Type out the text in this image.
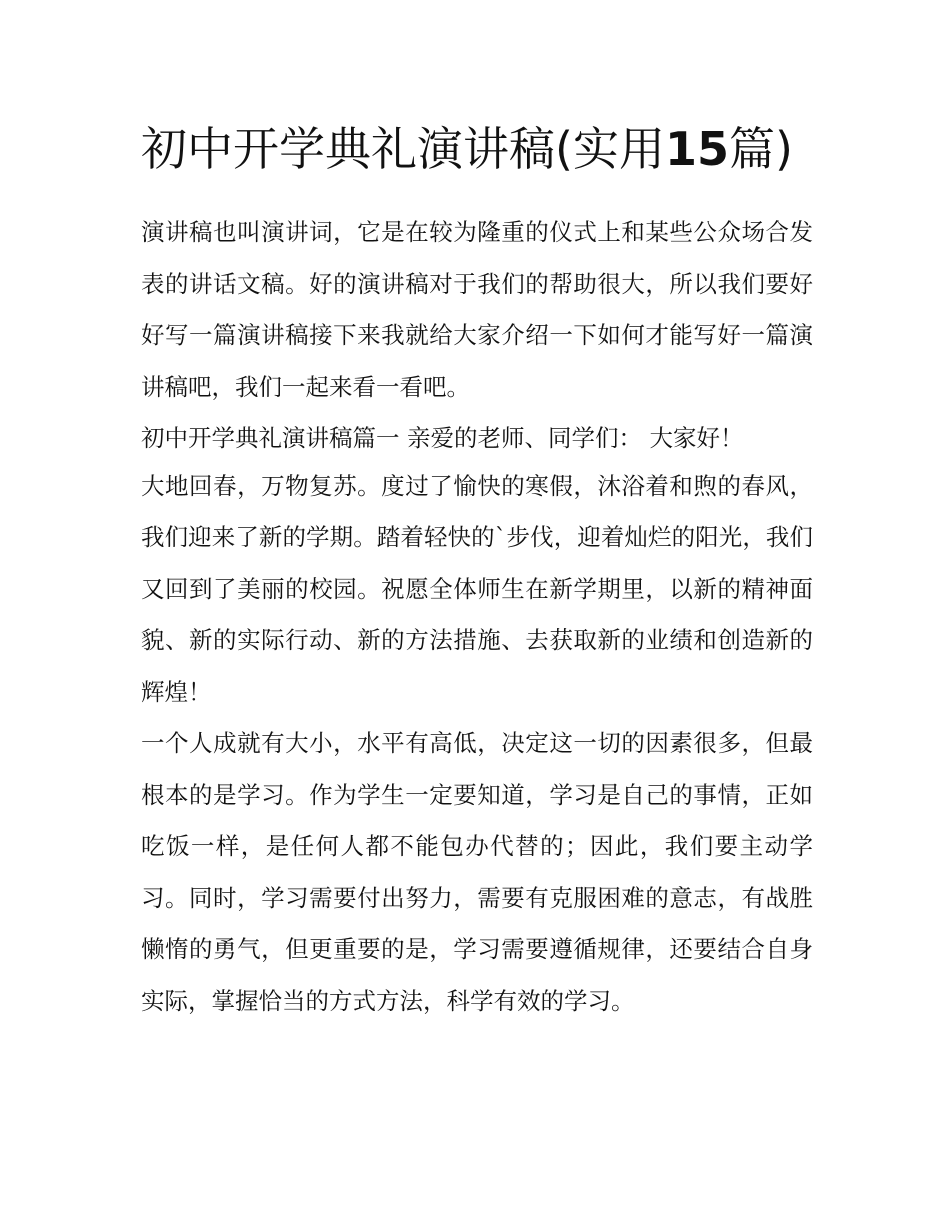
初中开学典礼演讲稿(实用15篇)

演讲稿也叫演讲词，它是在较为隆重的仪式上和某些公众场合发表的讲话文稿。好的演讲稿对于我们的帮助很大，所以我们要好好写一篇演讲稿接下来我就给大家介绍一下如何才能写好一篇演讲稿吧，我们一起来看一看吧。

初中开学典礼演讲稿篇一 亲爱的老师、同学们： 大家好！

大地回春，万物复苏。度过了愉快的寒假，沐浴着和煦的春风，我们迎来了新的学期。踏着轻快的`步伐，迎着灿烂的阳光，我们又回到了美丽的校园。祝愿全体师生在新学期里，以新的精神面貌、新的实际行动、新的方法措施、去获取新的业绩和创造新的辉煌！

一个人成就有大小，水平有高低，决定这一切的因素很多，但最根本的是学习。作为学生一定要知道，学习是自己的事情，正如吃饭一样，是任何人都不能包办代替的；因此，我们要主动学习。同时，学习需要付出努力，需要有克服困难的意志，有战胜懒惰的勇气，但更重要的是，学习需要遵循规律，还要结合自身实际，掌握恰当的方式方法，科学有效的学习。
